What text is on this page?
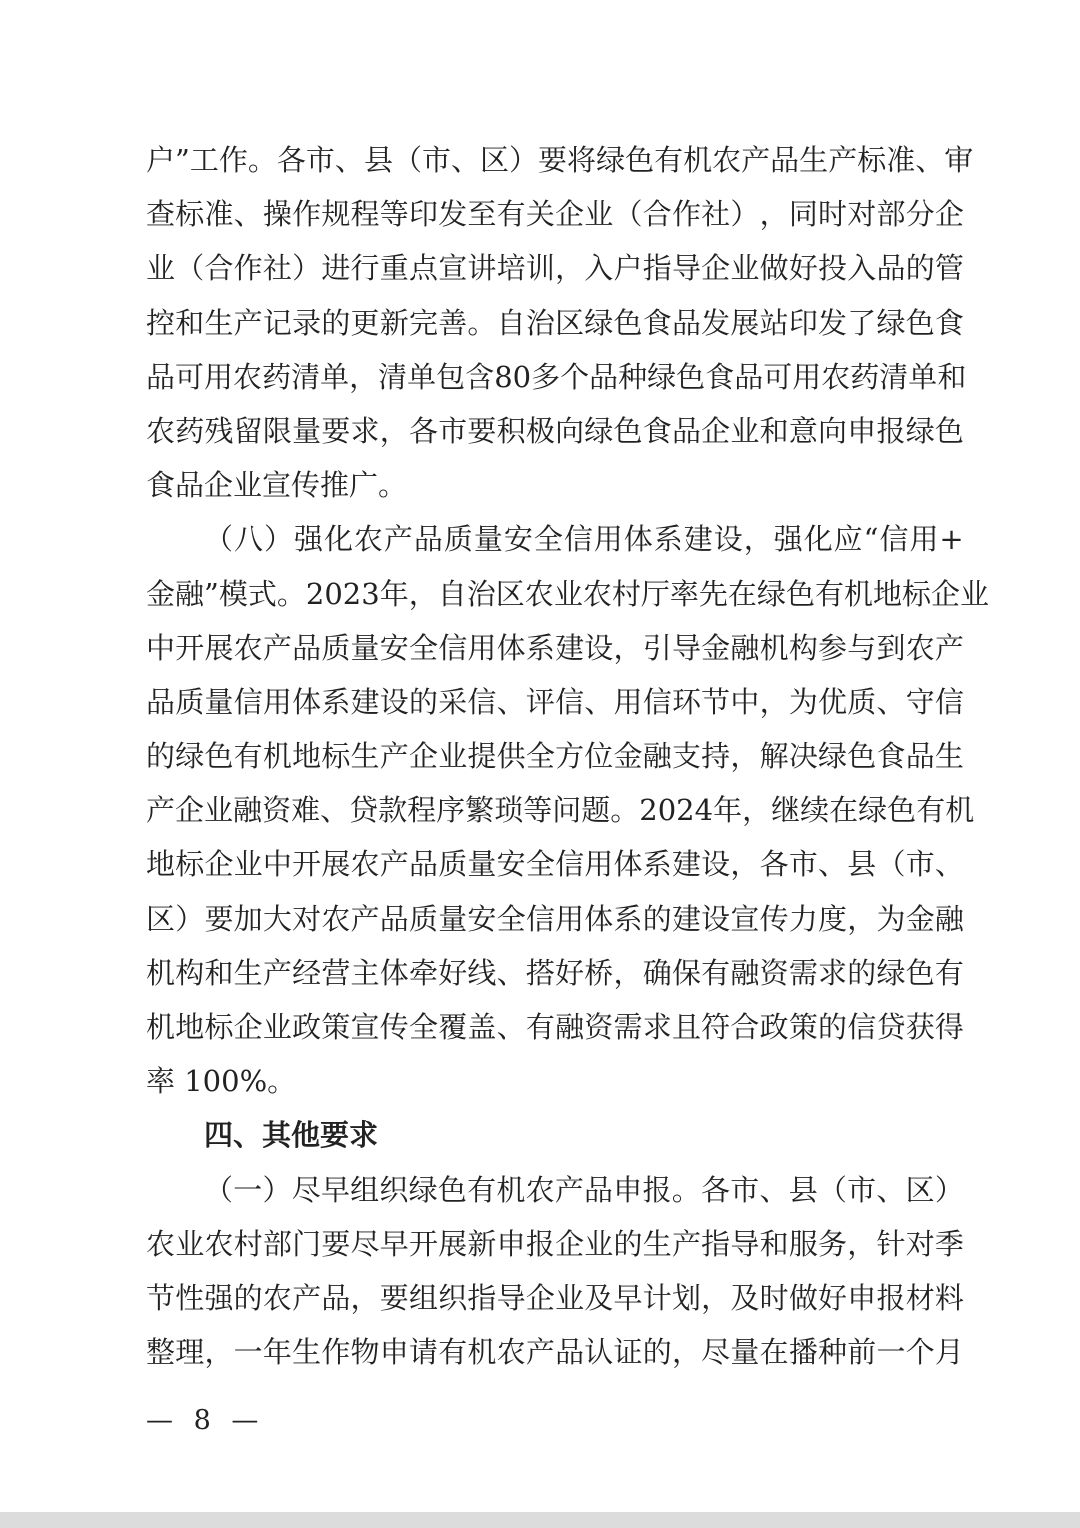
户 ” 工 作 。 各 市 、 县 （ 市 、 区 ） 要 将 绿 色 有 机 农 产 品 生 产 标 准 、 审
查 标 准 、 操 作 规 程 等 印 发 至 有 关 企 业 （ 合 作 社 ） ， 同 时 对 部 分 企
业 （ 合 作 社 ） 进 行 重 点 宣 讲 培 训 ， 入 户 指 导 企 业 做 好 投 入 品 的 管
控 和 生 产 记 录 的 更 新 完 善 。 自 治 区 绿 色 食 品 发 展 站 印 发 了 绿 色 食
品 可 用 农 药 清 单 ， 清 单 包 含 80 多 个 品 种 绿 色 食 品 可 用 农 药 清 单 和
农 药 残 留 限 量 要 求 ， 各 市 要 积 极 向 绿 色 食 品 企 业 和 意 向 申 报 绿 色
食品企业宣传推广。
（ 八 ） 强 化 农 产 品 质 量 安 全 信 用 体 系 建 设 ， 强 化 应 “ 信 用 +
金 融 ” 模 式 。 2023 年 ， 自 治 区 农 业 农 村 厅 率 先 在 绿 色 有 机 地 标 企 业
中 开 展 农 产 品 质 量 安 全 信 用 体 系 建 设 ， 引 导 金 融 机 构 参 与 到 农 产
品 质 量 信 用 体 系 建 设 的 采 信 、 评 信 、 用 信 环 节 中 ， 为 优 质 、 守 信
的 绿 色 有 机 地 标 生 产 企 业 提 供 全 方 位 金 融 支 持 ， 解 决 绿 色 食 品 生
产 企 业 融 资 难 、 贷 款 程 序 繁 琐 等 问 题 。 2024 年 ， 继 续 在 绿 色 有 机
地 标 企 业 中 开 展 农 产 品 质 量 安 全 信 用 体 系 建 设 ， 各 市 、 县 （ 市 、
区 ） 要 加 大 对 农 产 品 质 量 安 全 信 用 体 系 的 建 设 宣 传 力 度 ， 为 金 融
机 构 和 生 产 经 营 主 体 牵 好 线 、 搭 好 桥 ， 确 保 有 融 资 需 求 的 绿 色 有
机 地 标 企 业 政 策 宣 传 全 覆 盖 、 有 融 资 需 求 且 符 合 政 策 的 信 贷 获 得
率 100%。
四、其他要求
（ 一 ） 尽 早 组 织 绿 色 有 机 农 产 品 申 报 。 各 市 、 县 （ 市 、 区 ）
农 业 农 村 部 门 要 尽 早 开 展 新 申 报 企 业 的 生 产 指 导 和 服 务 ， 针 对 季
节 性 强 的 农 产 品 ， 要 组 织 指 导 企 业 及 早 计 划 ， 及 时 做 好 申 报 材 料
整 理 ， 一 年 生 作 物 申 请 有 机 农 产 品 认 证 的 ， 尽 量 在 播 种 前 一 个 月
— 8 —
